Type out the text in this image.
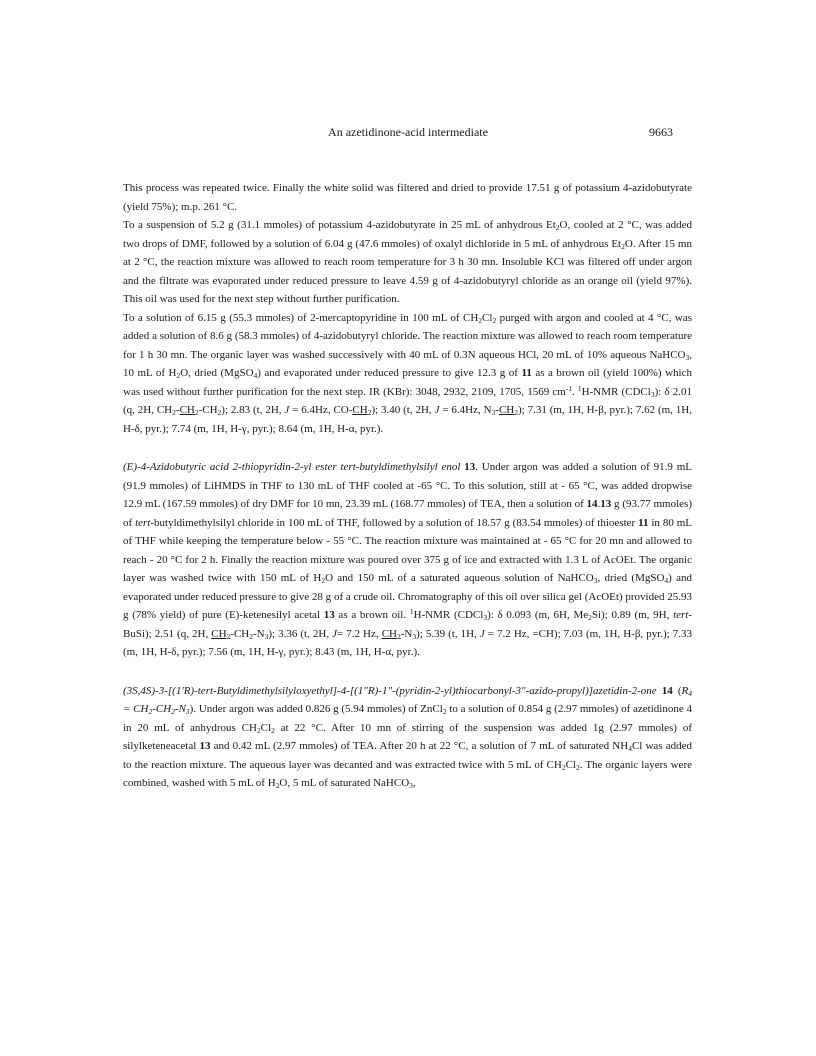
An azetidinone-acid intermediate	9663

This process was repeated twice. Finally the white solid was filtered and dried to provide 17.51 g of potassium 4-azidobutyrate (yield 75%); m.p. 261 °C.

To a suspension of 5.2 g (31.1 mmoles) of potassium 4-azidobutyrate in 25 mL of anhydrous $Et_2O$, cooled at 2 °C, was added two drops of DMF, followed by a solution of 6.04 g (47.6 mmoles) of oxalyl dichloride in 5 mL of anhydrous $Et_2O$. After 15 mn at 2 °C, the reaction mixture was allowed to reach room temperature for 3 h 30 mn. Insoluble KCl was filtered off under argon and the filtrate was evaporated under reduced pressure to leave 4.59 g of 4-azidobutyryl chloride as an orange oil (yield 97%). This oil was used for the next step without further purification.

To a solution of 6.15 g (55.3 mmoles) of 2-mercaptopyridine in 100 mL of $CH_2Cl_2$ purged with argon and cooled at 4 °C, was added a solution of 8.6 g (58.3 mmoles) of 4-azidobutyryl chloride. The reaction mixture was allowed to reach room temperature for 1 h 30 mn. The organic layer was washed successively with 40 mL of 0.3N aqueous HCl, 20 mL of 10% aqueous NaHCO$_3$, 10 mL of $H_2O$, dried (MgSO$_4$) and evaporated under reduced pressure to give 12.3 g of 11 as a brown oil (yield 100%) which was used without further purification for the next step. IR (KBr): 3048, 2932, 2109, 1705, 1569 $cm^{-1}$. $^1$H-NMR (CDCl$_3$): δ 2.01 (q, 2H, $CH_2-CH_2-CH_2$); 2.83 (t, 2H, J = 6.4Hz, $CO-CH_2$); 3.40 (t, 2H, J = 6.4Hz, $N_3-CH_2$); 7.31 (m, 1H, H-β, pyr.); 7.62 (m, 1H, H-δ, pyr.); 7.74 (m, 1H, H-γ, pyr.); 8.64 (m, 1H, H-α, pyr.).

(E)-4-Azidobutyric acid 2-thiopyridin-2-yl ester tert-butyldimethylsilyl enol 13. Under argon was added a solution of 91.9 mL (91.9 mmoles) of LiHMDS in THF to 130 mL of THF cooled at -65 °C. To this solution, still at - 65 °C, was added dropwise 12.9 mL (167.59 mmoles) of dry DMF for 10 mn, 23.39 mL (168.77 mmoles) of TEA, then a solution of 14.13 g (93.77 mmoles) of tert-butyldimethylsilyl chloride in 100 mL of THF, followed by a solution of 18.57 g (83.54 mmoles) of thioester 11 in 80 mL of THF while keeping the temperature below - 55 °C. The reaction mixture was maintained at - 65 °C for 20 mn and allowed to reach - 20 °C for 2 h. Finally the reaction mixture was poured over 375 g of ice and extracted with 1.3 L of AcOEt. The organic layer was washed twice with 150 mL of $H_2O$ and 150 mL of a saturated aqueous solution of NaHCO$_3$, dried (MgSO$_4$) and evaporated under reduced pressure to give 28 g of a crude oil. Chromatography of this oil over silica gel (AcOEt) provided 25.93 g (78% yield) of pure (E)-ketenesilyl acetal 13 as a brown oil. $^1$H-NMR (CDCl$_3$): δ 0.093 (m, 6H, $Me_2Si$); 0.89 (m, 9H, tert-BuSi); 2.51 (q, 2H, $CH_2-CH_2-N_3$); 3.36 (t, 2H, J= 7.2 Hz, $CH_2-N_3$); 5.39 (t, 1H, J = 7.2 Hz, =CH); 7.03 (m, 1H, H-β, pyr.); 7.33 (m, 1H, H-δ, pyr.); 7.56 (m, 1H, H-γ, pyr.); 8.43 (m, 1H, H-α, pyr.).

(3S,4S)-3-[(1'R)-tert-Butyldimethylsilyloxyethyl]-4-[(1"R)-1"-(pyridin-2-yl)thiocarbonyl-3"-azido-propyl)]azetidin-2-one 14 $(R_4 = CH_2-CH_2-N_3)$. Under argon was added 0.826 g (5.94 mmoles) of ZnCl$_2$ to a solution of 0.854 g (2.97 mmoles) of azetidinone 4 in 20 mL of anhydrous $CH_2Cl_2$ at 22 °C. After 10 mn of stirring of the suspension was added 1g (2.97 mmoles) of silylketeneacetal 13 and 0.42 mL (2.97 mmoles) of TEA. After 20 h at 22 °C, a solution of 7 mL of saturated $NH_4Cl$ was added to the reaction mixture. The aqueous layer was decanted and was extracted twice with 5 mL of $CH_2Cl_2$. The organic layers were combined, washed with 5 mL of $H_2O$, 5 mL of saturated NaHCO$_3$,
